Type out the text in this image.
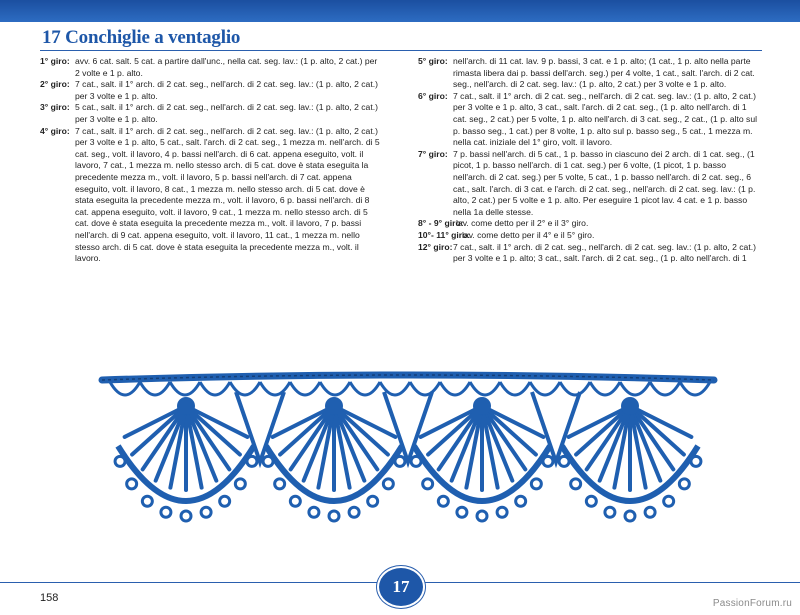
17 Conchiglie a ventaglio
1° giro: avv. 6 cat. salt. 5 cat. a partire dall'unc., nella cat. seg. lav.: (1 p. alto, 2 cat.) per 2 volte e 1 p. alto.
2° giro: 7 cat., salt. il 1° arch. di 2 cat. seg., nell'arch. di 2 cat. seg. lav.: (1 p. alto, 2 cat.) per 3 volte e 1 p. alto.
3° giro: 5 cat., salt. il 1° arch. di 2 cat. seg., nell'arch. di 2 cat. seg. lav.: (1 p. alto, 2 cat.) per 3 volte e 1 p. alto.
4° giro: 7 cat., salt. il 1° arch. di 2 cat. seg., nell'arch. di 2 cat. seg. lav.: (1 p. alto, 2 cat.) per 3 volte e 1 p. alto, 5 cat., salt. l'arch. di 2 cat. seg., 1 mezza m. nell'arch. di 5 cat. seg., volt. il lavoro, 4 p. bassi nell'arch. di 6 cat. appena eseguito, volt. il lavoro, 7 cat., 1 mezza m. nello stesso arch. di 5 cat. dove è stata eseguita la precedente mezza m., volt. il lavoro, 5 p. bassi nell'arch. di 7 cat. appena eseguito, volt. il lavoro, 8 cat., 1 mezza m. nello stesso arch. di 5 cat. dove è stata eseguita la precedente mezza m., volt. il lavoro, 6 p. bassi nell'arch. di 8 cat. appena eseguito, volt. il lavoro, 9 cat., 1 mezza m. nello stesso arch. di 5 cat. dove è stata eseguita la precedente mezza m., volt. il lavoro, 7 p. bassi nell'arch. di 9 cat. appena eseguito, volt. il lavoro, 11 cat., 1 mezza m. nello stesso arch. di 5 cat. dove è stata eseguita la precedente mezza m., volt. il lavoro.
5° giro: nell'arch. di 11 cat. lav. 9 p. bassi, 3 cat. e 1 p. alto; (1 cat., 1 p. alto nella parte rimasta libera dai p. bassi dell'arch. seg.) per 4 volte, 1 cat., salt. l'arch. di 2 cat. seg., nell'arch. di 2 cat. seg. lav.: (1 p. alto, 2 cat.) per 3 volte e 1 p. alto.
6° giro: 7 cat., salt. il 1° arch. di 2 cat. seg., nell'arch. di 2 cat. seg. lav.: (1 p. alto, 2 cat.) per 3 volte e 1 p. alto, 3 cat., salt. l'arch. di 2 cat. seg., (1 p. alto nell'arch. di 1 cat. seg., 2 cat.) per 5 volte, 1 p. alto nell'arch. di 3 cat. seg., 2 cat., (1 p. alto sul p. basso seg., 1 cat.) per 8 volte, 1 p. alto sul p. basso seg., 5 cat., 1 mezza m. nella cat. iniziale del 1° giro, volt. il lavoro.
7° giro: 7 p. bassi nell'arch. di 5 cat., 1 p. basso in ciascuno dei 2 arch. di 1 cat. seg., (1 picot, 1 p. basso nell'arch. di 1 cat. seg.) per 6 volte, (1 picot, 1 p. basso nell'arch. di 2 cat. seg.) per 5 volte, 5 cat., 1 p. basso nell'arch. di 2 cat. seg., 6 cat., salt. l'arch. di 3 cat. e l'arch. di 2 cat. seg., nell'arch. di 2 cat. seg. lav.: (1 p. alto, 2 cat.) per 5 volte e 1 p. alto. Per eseguire 1 picot lav. 4 cat. e 1 p. basso nella 1a delle stesse.
8° - 9° giro:
lav. come detto per il 2° e il 3° giro.
10°- 11° giro:
lav. come detto per il 4° e il 5° giro.
12° giro: 7 cat., salt. il 1° arch. di 2 cat. seg., nell'arch. di 2 cat. seg. lav.: (1 p. alto, 2 cat.) per 3 volte e 1 p. alto; 3 cat., salt. l'arch. di 2 cat. seg., (1 p. alto nell'arch. di 1
17
158	PassionForum.ru
